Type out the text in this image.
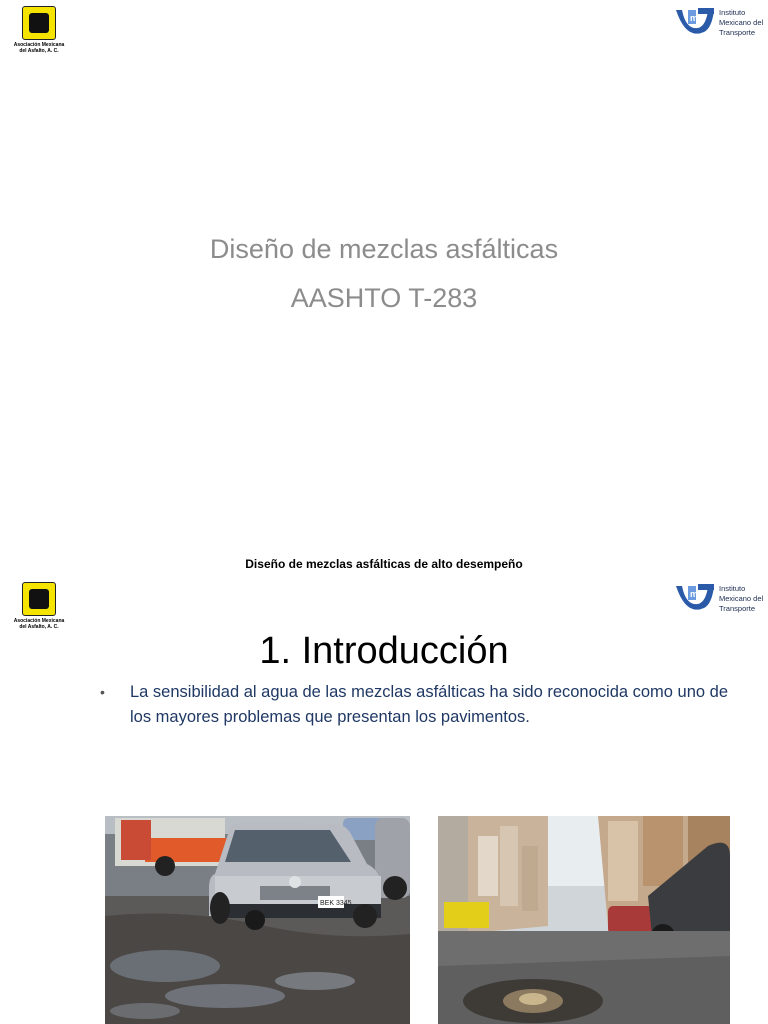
Asociación Mexicana
del Asfalto, A. C.
mt
Instituto
Mexicano del
Transporte
Diseño de mezclas asfálticas
AASHTO T-283
Diseño de mezclas asfálticas de alto desempeño
Asociación Mexicana
del Asfalto, A. C.
mt
Instituto
Mexicano del
Transporte
1. Introducción
• La sensibilidad al agua de las mezclas asfálticas ha sido reconocida como uno de los mayores problemas que presentan los pavimentos.
BEK 3345
